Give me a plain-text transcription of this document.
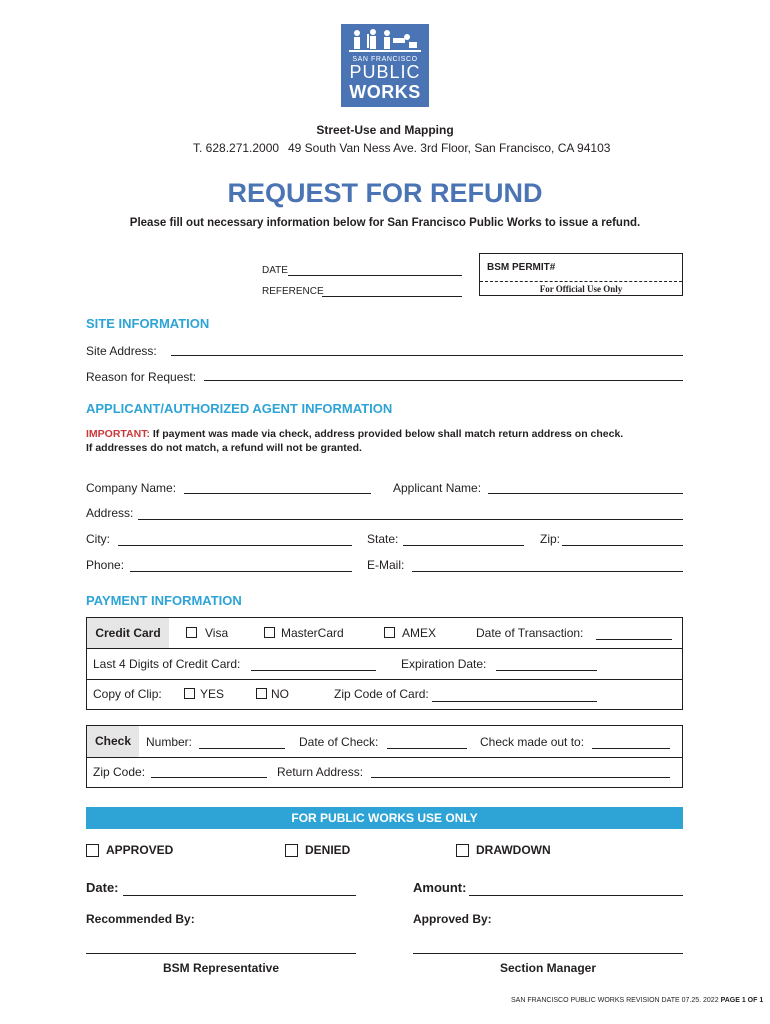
SAN FRANCISCO
PUBLIC
WORKS
Street-Use and Mapping
T. 628.271.2000 49 South Van Ness Ave. 3rd Floor, San Francisco, CA 94103
REQUEST FOR REFUND
Please fill out necessary information below for San Francisco Public Works to issue a refund.
DATE
REFERENCE
BSM PERMIT#
For Official Use Only
SITE INFORMATION
Site Address:
Reason for Request:
APPLICANT/AUTHORIZED AGENT INFORMATION
IMPORTANT: If payment was made via check, address provided below shall match return address on check.
If addresses do not match, a refund will not be granted.
Company Name:	Applicant Name:
Address:
City:	State:	Zip:
Phone:	E-Mail:
PAYMENT INFORMATION
Credit Card	Visa	MasterCard	AMEX	Date of Transaction:
Last 4 Digits of Credit Card:	Expiration Date:
Copy of Clip:	YES	NO	Zip Code of Card:
Check	Number:	Date of Check:	Check made out to:
Zip Code:	Return Address:
FOR PUBLIC WORKS USE ONLY
APPROVED	DENIED	DRAWDOWN
Date:	Amount:
Recommended By:	Approved By:
BSM Representative	Section Manager
SAN FRANCISCO PUBLIC WORKS REVISION DATE 07.25. 2022 PAGE 1 OF 1
